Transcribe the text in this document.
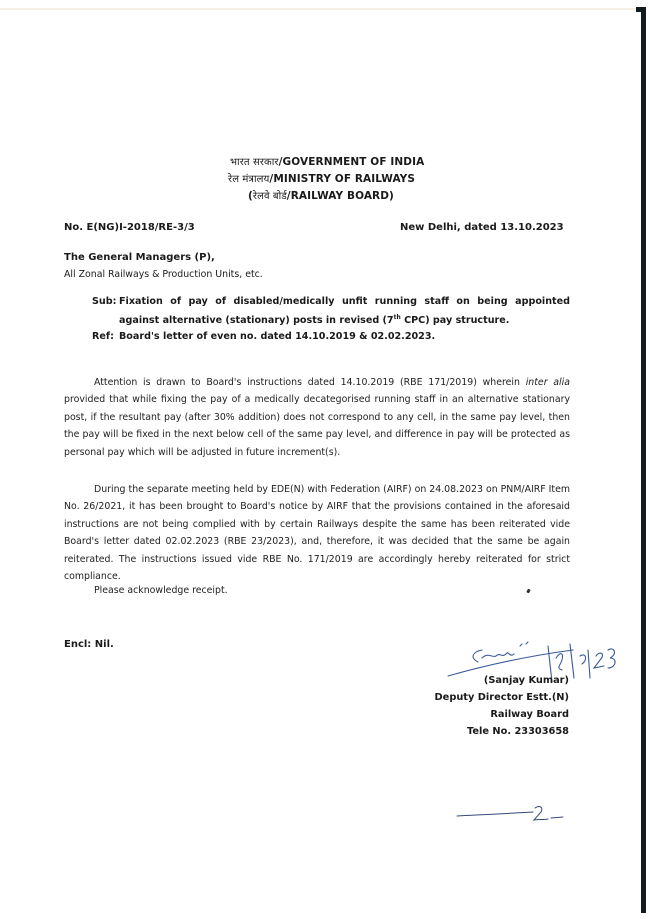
भारत सरकार/GOVERNMENT OF INDIA
रेल मंत्रालय/MINISTRY OF RAILWAYS
(रेलवे बोर्ड/RAILWAY BOARD)
No. E(NG)I-2018/RE-3/3	New Delhi, dated 13.10.2023
The General Managers (P),
All Zonal Railways & Production Units, etc.
Sub: Fixation of pay of disabled/medically unfit running staff on being appointed
against alternative (stationary) posts in revised (7th CPC) pay structure.
Ref: Board's letter of even no. dated 14.10.2019 & 02.02.2023.
Attention is drawn to Board's instructions dated 14.10.2019 (RBE 171/2019) wherein inter alia provided that while fixing the pay of a medically decategorised running staff in an alternative stationary post, if the resultant pay (after 30% addition) does not correspond to any cell, in the same pay level, then the pay will be fixed in the next below cell of the same pay level, and difference in pay will be protected as personal pay which will be adjusted in future increment(s).
During the separate meeting held by EDE(N) with Federation (AIRF) on 24.08.2023 on PNM/AIRF Item No. 26/2021, it has been brought to Board's notice by AIRF that the provisions contained in the aforesaid instructions are not being complied with by certain Railways despite the same has been reiterated vide Board's letter dated 02.02.2023 (RBE 23/2023), and, therefore, it was decided that the same be again reiterated. The instructions issued vide RBE No. 171/2019 are accordingly hereby reiterated for strict compliance.
Please acknowledge receipt.
Encl: Nil.
(Sanjay Kumar)
Deputy Director Estt.(N)
Railway Board
Tele No. 23303658
